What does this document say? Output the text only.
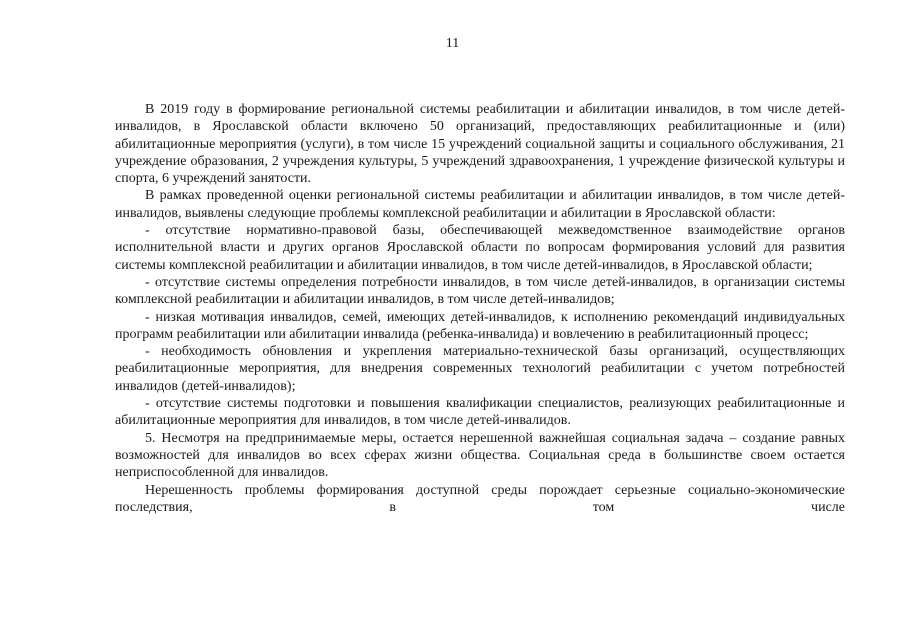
11

В 2019 году в формирование региональной системы реабилитации и абилитации инвалидов, в том числе детей-инвалидов, в Ярославской области включено 50 организаций, предоставляющих реабилитационные и (или) абилитационные мероприятия (услуги), в том числе 15 учреждений социальной защиты и социального обслуживания, 21 учреждение образования, 2 учреждения культуры, 5 учреждений здравоохранения, 1 учреждение физической культуры и спорта, 6 учреждений занятости.

В рамках проведенной оценки региональной системы реабилитации и абилитации инвалидов, в том числе детей-инвалидов, выявлены следующие проблемы комплексной реабилитации и абилитации в Ярославской области:

- отсутствие нормативно-правовой базы, обеспечивающей межведомственное взаимодействие органов исполнительной власти и других органов Ярославской области по вопросам формирования условий для развития системы комплексной реабилитации и абилитации инвалидов, в том числе детей-инвалидов, в Ярославской области;

- отсутствие системы определения потребности инвалидов, в том числе детей-инвалидов, в организации системы комплексной реабилитации и абилитации инвалидов, в том числе детей-инвалидов;

- низкая мотивация инвалидов, семей, имеющих детей-инвалидов, к исполнению рекомендаций индивидуальных программ реабилитации или абилитации инвалида (ребенка-инвалида) и вовлечению в реабилитационный процесс;

- необходимость обновления и укрепления материально-технической базы организаций, осуществляющих реабилитационные мероприятия, для внедрения современных технологий реабилитации с учетом потребностей инвалидов (детей-инвалидов);

- отсутствие системы подготовки и повышения квалификации специалистов, реализующих реабилитационные и абилитационные мероприятия для инвалидов, в том числе детей-инвалидов.

5. Несмотря на предпринимаемые меры, остается нерешенной важнейшая социальная задача – создание равных возможностей для инвалидов во всех сферах жизни общества. Социальная среда в большинстве своем остается неприспособленной для инвалидов.

Нерешенность проблемы формирования доступной среды порождает серьезные социально-экономические последствия, в том числе
